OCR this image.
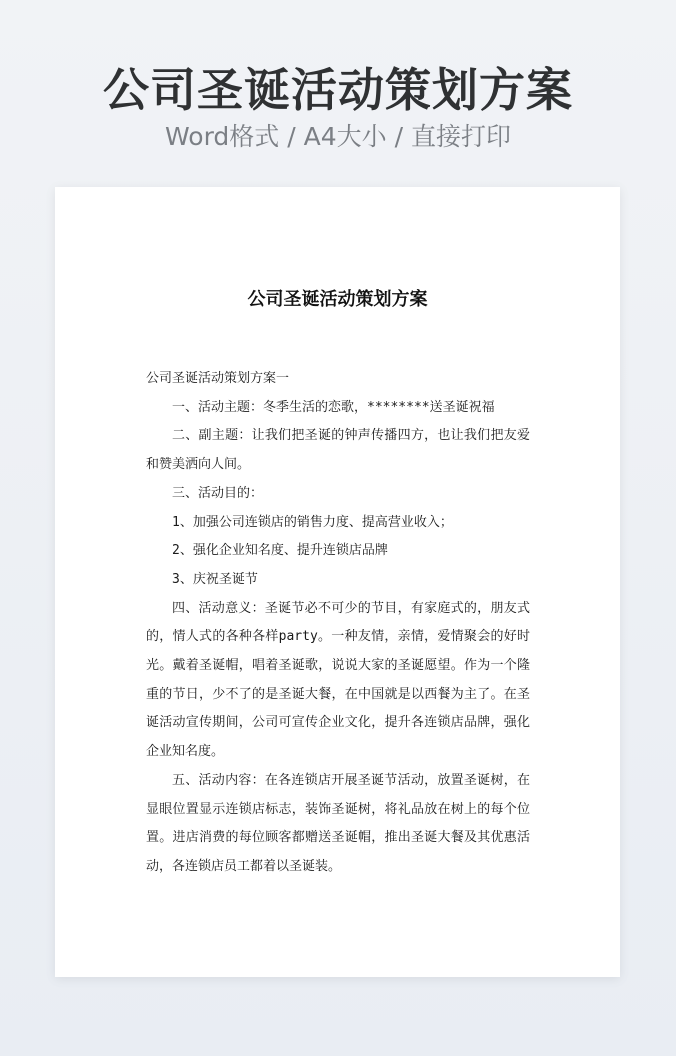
公司圣诞活动策划方案
Word格式 / A4大小 / 直接打印
公司圣诞活动策划方案

公司圣诞活动策划方案一

一、活动主题：冬季生活的恋歌，********送圣诞祝福

二、副主题：让我们把圣诞的钟声传播四方，也让我们把友爱和赞美洒向人间。

三、活动目的：

1、加强公司连锁店的销售力度、提高营业收入；

2、强化企业知名度、提升连锁店品牌

3、庆祝圣诞节

四、活动意义：圣诞节必不可少的节目，有家庭式的，朋友式的，情人式的各种各样party。一种友情，亲情，爱情聚会的好时光。戴着圣诞帽，唱着圣诞歌，说说大家的圣诞愿望。作为一个隆重的节日，少不了的是圣诞大餐，在中国就是以西餐为主了。在圣诞活动宣传期间，公司可宣传企业文化，提升各连锁店品牌，强化企业知名度。

五、活动内容：在各连锁店开展圣诞节活动，放置圣诞树，在显眼位置显示连锁店标志，装饰圣诞树，将礼品放在树上的每个位置。进店消费的每位顾客都赠送圣诞帽，推出圣诞大餐及其优惠活动，各连锁店员工都着以圣诞装。
